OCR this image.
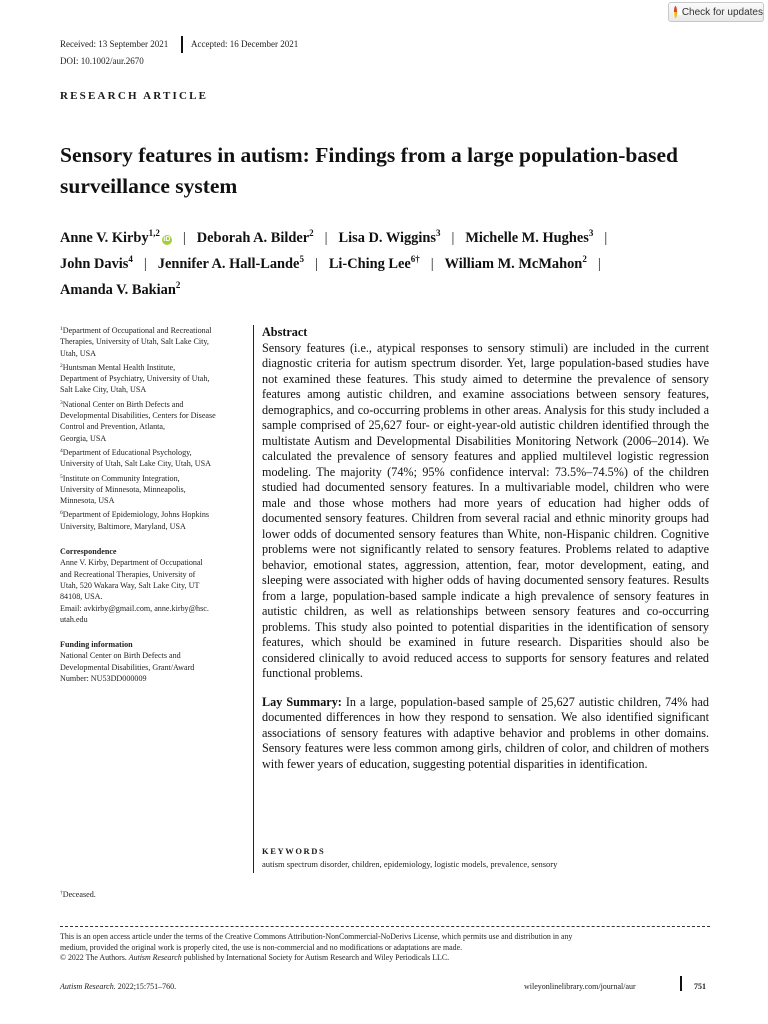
Check for updates
Received: 13 September 2021	Accepted: 16 December 2021
DOI: 10.1002/aur.2670
RESEARCH ARTICLE
Sensory features in autism: Findings from a large population-based
surveillance system
Anne V. Kirby$^{1,2}$iD | Deborah A. Bilder$^2$ | Lisa D. Wiggins$^3$ | Michelle M. Hughes$^3$ |
John Davis$^4$ | Jennifer A. Hall-Lande$^5$ | Li-Ching Lee$^{6\dagger}$ | William M. McMahon$^2$ |
Amanda V. Bakian$^2$
$^1$Department of Occupational and Recreational
Therapies, University of Utah, Salt Lake City,
Utah, USA
$^2$Huntsman Mental Health Institute,
Department of Psychiatry, University of Utah,
Salt Lake City, Utah, USA
$^3$National Center on Birth Defects and
Developmental Disabilities, Centers for Disease
Control and Prevention, Atlanta,
Georgia, USA
$^4$Department of Educational Psychology,
University of Utah, Salt Lake City, Utah, USA
$^5$Institute on Community Integration,
University of Minnesota, Minneapolis,
Minnesota, USA
$^6$Department of Epidemiology, Johns Hopkins
University, Baltimore, Maryland, USA
Correspondence
Anne V. Kirby, Department of Occupational
and Recreational Therapies, University of
Utah, 520 Wakara Way, Salt Lake City, UT
84108, USA.
Email: avkirby@gmail.com, anne.kirby@hsc.
utah.edu
Funding information
National Center on Birth Defects and
Developmental Disabilities, Grant/Award
Number: NU53DD000009

Abstract
Sensory features (i.e., atypical responses to sensory stimuli) are included in the current diagnostic criteria for autism spectrum disorder. Yet, large population-based studies have not examined these features. This study aimed to determine the prevalence of sensory features among autistic children, and examine associations between sensory features, demographics, and co-occurring problems in other areas. Analysis for this study included a sample comprised of 25,627 four- or eight-year-old autistic children identified through the multistate Autism and Developmental Disabilities Monitoring Network (2006–2014). We calculated the prevalence of sensory features and applied multilevel logistic regression modeling. The majority (74%; 95% confidence interval: 73.5%–74.5%) of the children studied had documented sensory features. In a multivariable model, children who were male and those whose mothers had more years of education had higher odds of documented sensory features. Children from several racial and ethnic minority groups had lower odds of documented sensory features than White, non-Hispanic children. Cognitive problems were not significantly related to sensory features. Problems related to adaptive behavior, emotional states, aggression, attention, fear, motor development, eating, and sleeping were associated with higher odds of having documented sensory features. Results from a large, population-based sample indicate a high prevalence of sensory features in autistic children, as well as relationships between sensory features and co-occurring problems. This study also pointed to potential disparities in the identification of sensory features, which should be examined in future research. Disparities should also be considered clinically to avoid reduced access to supports for sensory features and related functional problems.

Lay Summary: In a large, population-based sample of 25,627 autistic children, 74% had documented differences in how they respond to sensation. We also identified significant associations of sensory features with adaptive behavior and problems in other domains. Sensory features were less common among girls, children of color, and children of mothers with fewer years of education, suggesting potential disparities in identification.

KEYWORDS
autism spectrum disorder, children, epidemiology, logistic models, prevalence, sensory
†Deceased.
This is an open access article under the terms of the Creative Commons Attribution-NonCommercial-NoDerivs License, which permits use and distribution in any
medium, provided the original work is properly cited, the use is non-commercial and no modifications or adaptations are made.
© 2022 The Authors. Autism Research published by International Society for Autism Research and Wiley Periodicals LLC.
Autism Research. 2022;15:751–760.	wileyonlinelibrary.com/journal/aur	751
